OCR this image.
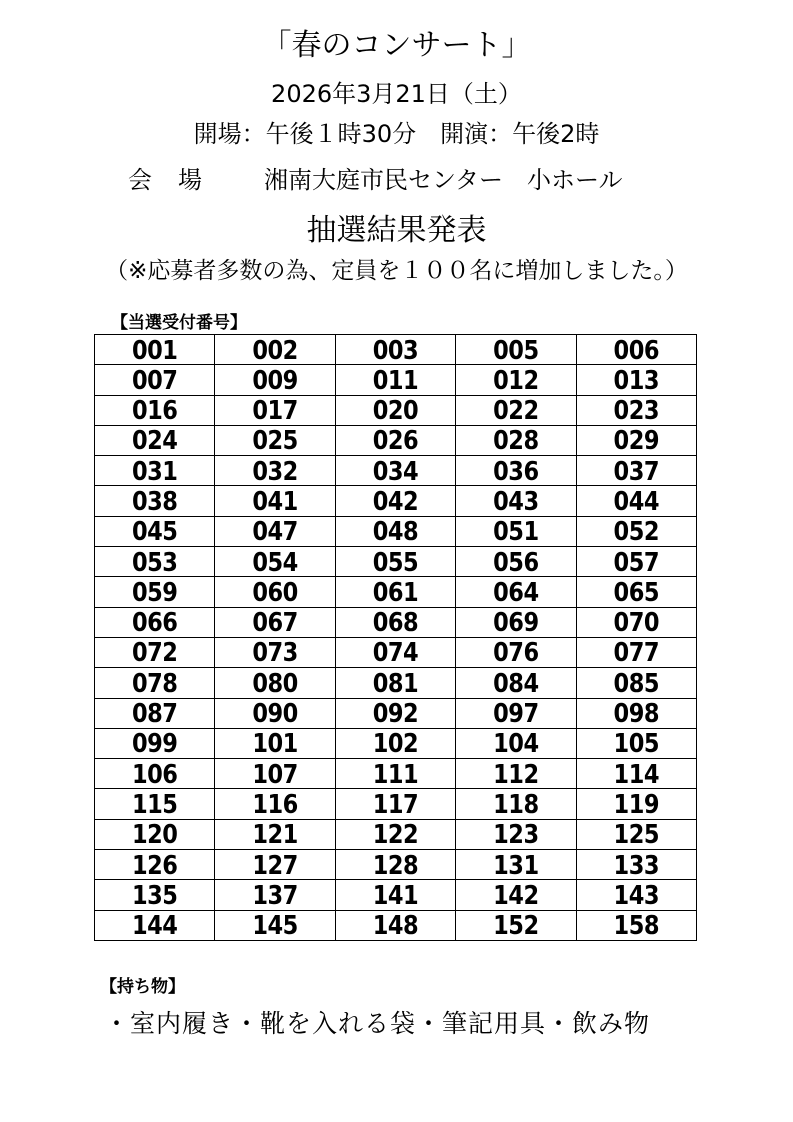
「春のコンサート」
2026年3月21日（土）
開場：午後１時30分　開演：午後2時
会場 湘南大庭市民センター　小ホール
抽選結果発表
（※応募者多数の為、定員を１００名に増加しました。）
【当選受付番号】
001	002	003	005	006
007	009	011	012	013
016	017	020	022	023
024	025	026	028	029
031	032	034	036	037
038	041	042	043	044
045	047	048	051	052
053	054	055	056	057
059	060	061	064	065
066	067	068	069	070
072	073	074	076	077
078	080	081	084	085
087	090	092	097	098
099	101	102	104	105
106	107	111	112	114
115	116	117	118	119
120	121	122	123	125
126	127	128	131	133
135	137	141	142	143
144	145	148	152	158
【持ち物】
・室内履き・靴を入れる袋・筆記用具・飲み物
